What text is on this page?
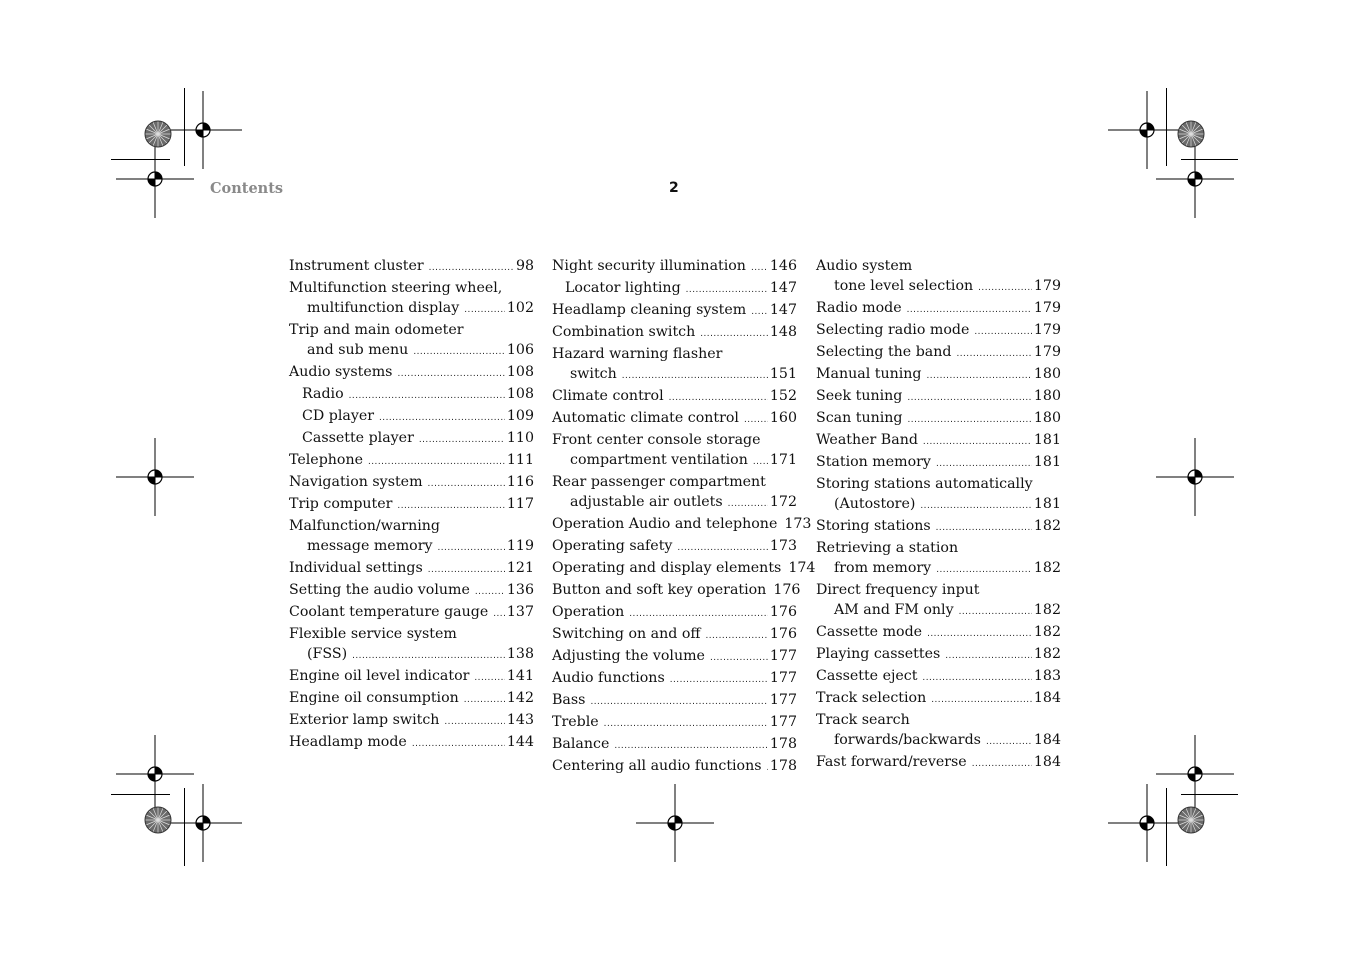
Contents	2
Instrument cluster .....	98
Multifunction steering wheel,
multifunction display .....	102
Trip and main odometer
and sub menu .....	106
Audio systems .....	108
Radio .....	108
CD player .....	109
Cassette player .....	110
Telephone .....	111
Navigation system .....	116
Trip computer .....	117
Malfunction/warning
message memory .....	119
Individual settings .....	121
Setting the audio volume .....	136
Coolant temperature gauge ..... 137
Flexible service system
(FSS) .....	138
Engine oil level indicator .....	141
Engine oil consumption .....	142
Exterior lamp switch .....	143
Headlamp mode .....	144
Night security illumination ..... 146
Locator lighting .....	147
Headlamp cleaning system ..... 147
Combination switch .....	148
Hazard warning flasher
switch .....	151
Climate control .....	152
Automatic climate control ..... 160
Front center console storage
compartment ventilation ..... 171
Rear passenger compartment
adjustable air outlets .....	172
Operation Audio and telephone 173
Operating safety .....	173
Operating and display elements 174
Button and soft key operation 176
Operation .....	176
Switching on and off .....	176
Adjusting the volume .....	177
Audio functions .....	177
Bass .....	177
Treble .....	177
Balance .....	178
Centering all audio functions ..... 178
Audio system
tone level selection .....	179
Radio mode .....	179
Selecting radio mode .....	179
Selecting the band .....	179
Manual tuning .....	180
Seek tuning .....	180
Scan tuning .....	180
Weather Band .....	181
Station memory .....	181
Storing stations automatically
(Autostore) .....	181
Storing stations .....	182
Retrieving a station
from memory .....	182
Direct frequency input
AM and FM only .....	182
Cassette mode .....	182
Playing cassettes .....	182
Cassette eject .....	183
Track selection .....	184
Track search
forwards/backwards .....	184
Fast forward/reverse .....	184
